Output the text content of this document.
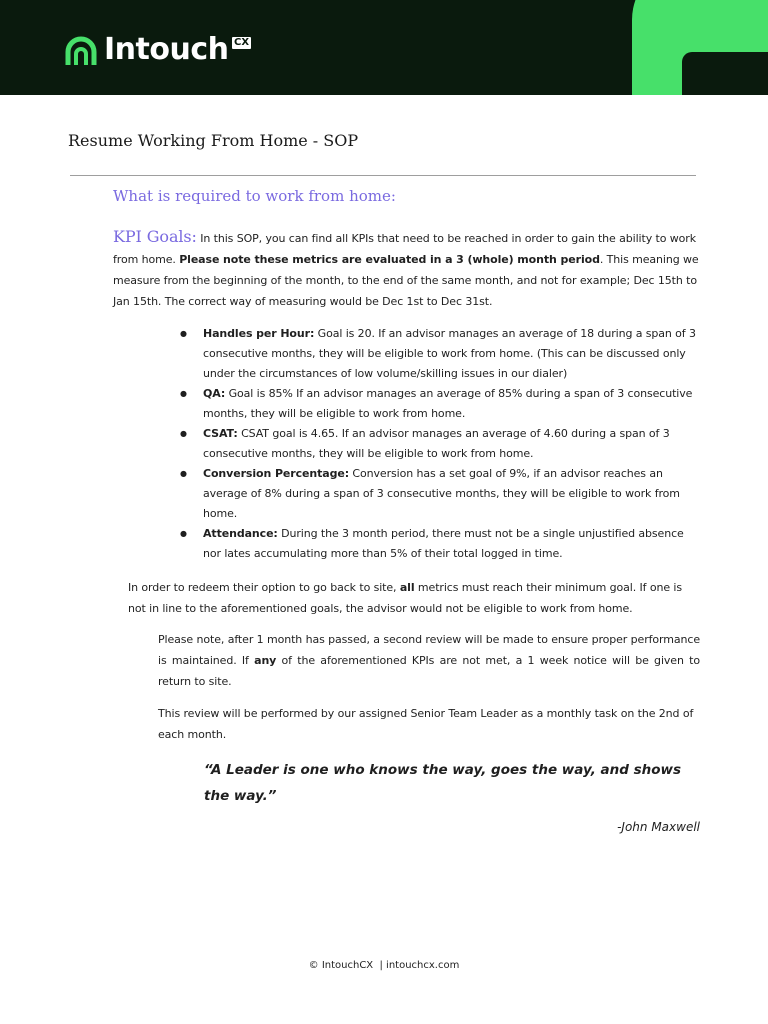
Intouch CX
Resume Working From Home - SOP
What is required to work from home:

KPI Goals: In this SOP, you can find all KPIs that need to be reached in order to gain the ability to work from home. Please note these metrics are evaluated in a 3 (whole) month period. This meaning we measure from the beginning of the month, to the end of the same month, and not for example; Dec 15th to Jan 15th. The correct way of measuring would be Dec 1st to Dec 31st.

● Handles per Hour: Goal is 20. If an advisor manages an average of 18 during a span of 3 consecutive months, they will be eligible to work from home. (This can be discussed only under the circumstances of low volume/skilling issues in our dialer)
● QA: Goal is 85% If an advisor manages an average of 85% during a span of 3 consecutive months, they will be eligible to work from home.
● CSAT: CSAT goal is 4.65. If an advisor manages an average of 4.60 during a span of 3 consecutive months, they will be eligible to work from home.
● Conversion Percentage: Conversion has a set goal of 9%, if an advisor reaches an average of 8% during a span of 3 consecutive months, they will be eligible to work from home.
● Attendance: During the 3 month period, there must not be a single unjustified absence nor lates accumulating more than 5% of their total logged in time.

In order to redeem their option to go back to site, all metrics must reach their minimum goal. If one is not in line to the aforementioned goals, the advisor would not be eligible to work from home.

Please note, after 1 month has passed, a second review will be made to ensure proper performance is maintained. If any of the aforementioned KPIs are not met, a 1 week notice will be given to return to site.

This review will be performed by our assigned Senior Team Leader as a monthly task on the 2nd of each month.

“A Leader is one who knows the way, goes the way, and shows the way.”
-John Maxwell
© IntouchCX  | intouchcx.com
